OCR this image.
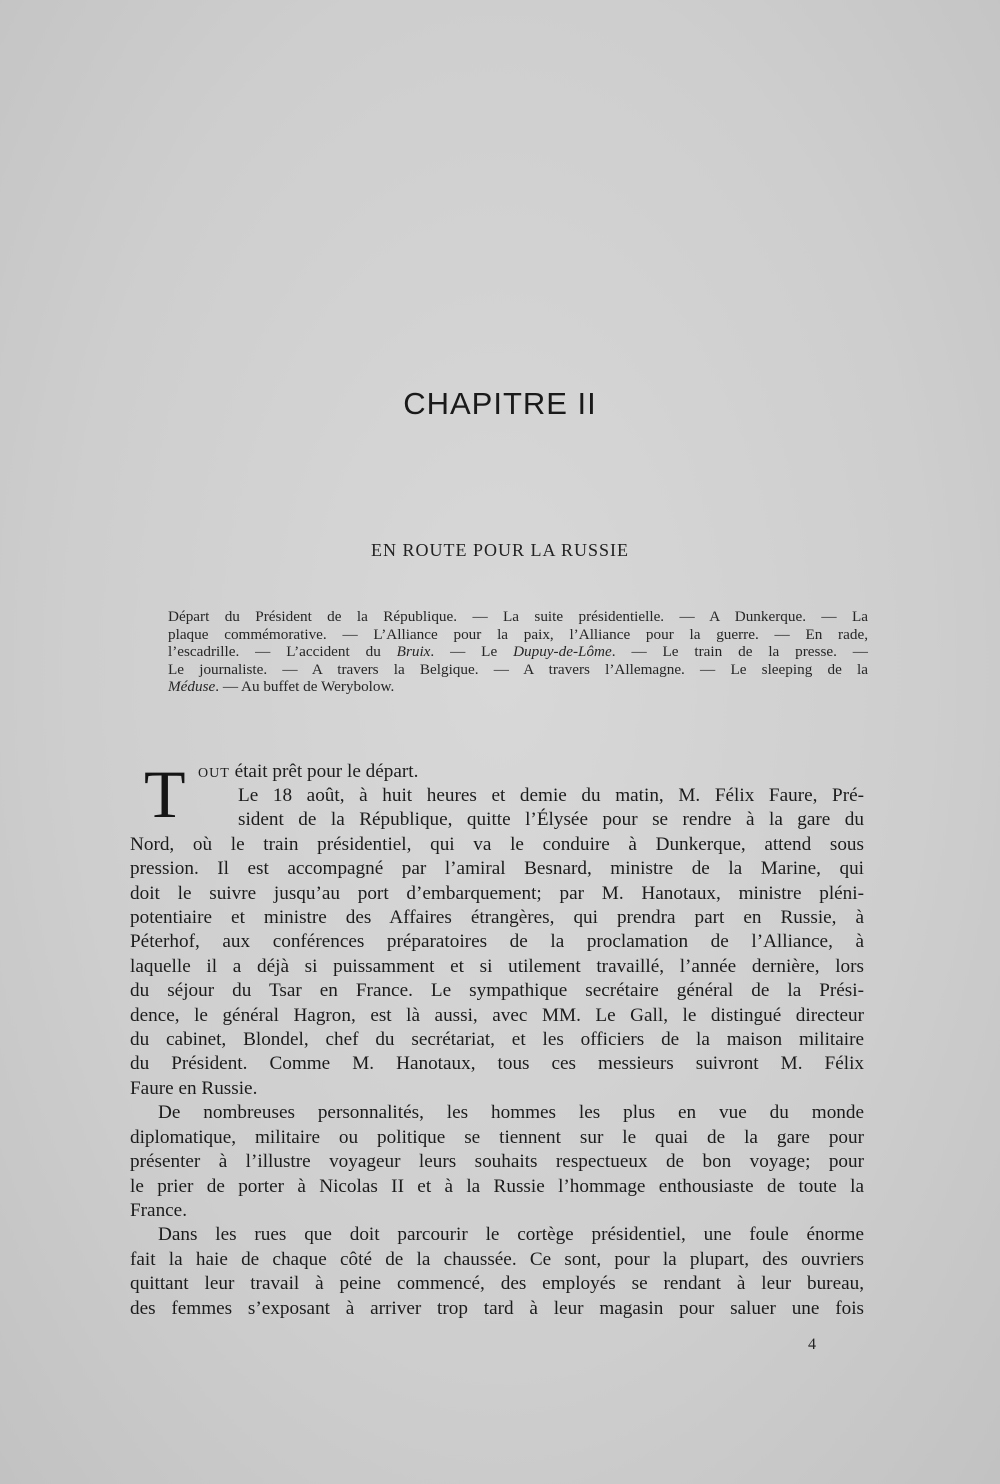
CHAPITRE II
EN ROUTE POUR LA RUSSIE
Départ du Président de la République. — La suite présidentielle. — A Dunkerque. — La
plaque commémorative. — L’Alliance pour la paix, l’Alliance pour la guerre. — En rade,
l’escadrille. — L’accident du Bruix. — Le Dupuy-de-Lôme. — Le train de la presse. —
Le journaliste. — A travers la Belgique. — A travers l’Allemagne. — Le sleeping de la
Méduse. — Au buffet de Werybolow.
T OUT était prêt pour le départ.
Le 18 août, à huit heures et demie du matin, M. Félix Faure, Pré-
sident de la République, quitte l’Élysée pour se rendre à la gare du
Nord, où le train présidentiel, qui va le conduire à Dunkerque, attend sous
pression. Il est accompagné par l’amiral Besnard, ministre de la Marine, qui
doit le suivre jusqu’au port d’embarquement; par M. Hanotaux, ministre pléni-
potentiaire et ministre des Affaires étrangères, qui prendra part en Russie, à
Péterhof, aux conférences préparatoires de la proclamation de l’Alliance, à
laquelle il a déjà si puissamment et si utilement travaillé, l’année dernière, lors
du séjour du Tsar en France. Le sympathique secrétaire général de la Prési-
dence, le général Hagron, est là aussi, avec MM. Le Gall, le distingué directeur
du cabinet, Blondel, chef du secrétariat, et les officiers de la maison militaire
du Président. Comme M. Hanotaux, tous ces messieurs suivront M. Félix
Faure en Russie.
De nombreuses personnalités, les hommes les plus en vue du monde
diplomatique, militaire ou politique se tiennent sur le quai de la gare pour
présenter à l’illustre voyageur leurs souhaits respectueux de bon voyage; pour
le prier de porter à Nicolas II et à la Russie l’hommage enthousiaste de toute la
France.
Dans les rues que doit parcourir le cortège présidentiel, une foule énorme
fait la haie de chaque côté de la chaussée. Ce sont, pour la plupart, des ouvriers
quittant leur travail à peine commencé, des employés se rendant à leur bureau,
des femmes s’exposant à arriver trop tard à leur magasin pour saluer une fois
4
